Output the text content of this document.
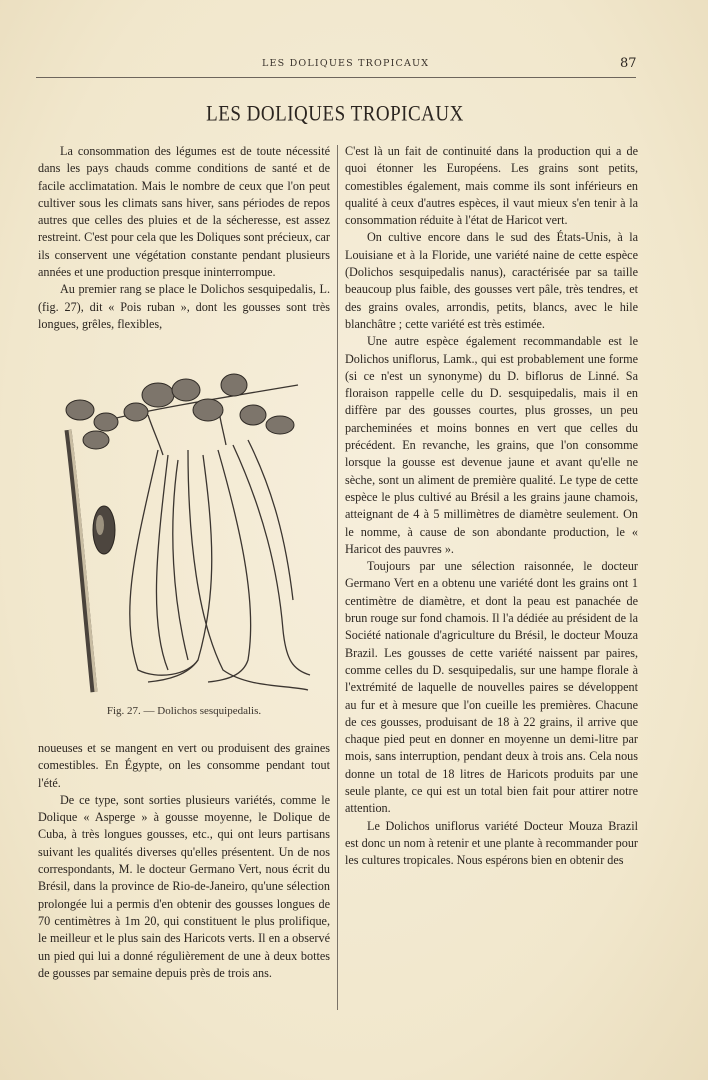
LES DOLIQUES TROPICAUX	87
LES DOLIQUES TROPICAUX

La consommation des légumes est de toute nécessité dans les pays chauds comme conditions de santé et de facile acclimatation. Mais le nombre de ceux que l'on peut cultiver sous les climats sans hiver, sans périodes de repos autres que celles des pluies et de la sécheresse, est assez restreint. C'est pour cela que les Doliques sont précieux, car ils conservent une végétation constante pendant plusieurs années et une production presque ininterrompue.

Au premier rang se place le Dolichos sesquipedalis, L. (fig. 27), dit « Pois ruban », dont les gousses sont très longues, grêles, flexibles,

Fig. 27. — Dolichos sesquipedalis.

noueuses et se mangent en vert ou produisent des graines comestibles. En Égypte, on les consomme pendant tout l'été.

De ce type, sont sorties plusieurs variétés, comme le Dolique « Asperge » à gousse moyenne, le Dolique de Cuba, à très longues gousses, etc., qui ont leurs partisans suivant les qualités diverses qu'elles présentent. Un de nos correspondants, M. le docteur Germano Vert, nous écrit du Brésil, dans la province de Rio-de-Janeiro, qu'une sélection prolongée lui a permis d'en obtenir des gousses longues de 70 centimètres à 1m 20, qui constituent le plus prolifique, le meilleur et le plus sain des Haricots verts. Il en a observé un pied qui lui a donné régulièrement de une à deux bottes de gousses par semaine depuis près de trois ans.

C'est là un fait de continuité dans la production qui a de quoi étonner les Européens. Les grains sont petits, comestibles également, mais comme ils sont inférieurs en qualité à ceux d'autres espèces, il vaut mieux s'en tenir à la consommation réduite à l'état de Haricot vert.

On cultive encore dans le sud des États-Unis, à la Louisiane et à la Floride, une variété naine de cette espèce (Dolichos sesquipedalis nanus), caractérisée par sa taille beaucoup plus faible, des gousses vert pâle, très tendres, et des grains ovales, arrondis, petits, blancs, avec le hile blanchâtre ; cette variété est très estimée.

Une autre espèce également recommandable est le Dolichos uniflorus, Lamk., qui est probablement une forme (si ce n'est un synonyme) du D. biflorus de Linné. Sa floraison rappelle celle du D. sesquipedalis, mais il en diffère par des gousses courtes, plus grosses, un peu parcheminées et moins bonnes en vert que celles du précédent. En revanche, les grains, que l'on consomme lorsque la gousse est devenue jaune et avant qu'elle ne sèche, sont un aliment de première qualité. Le type de cette espèce le plus cultivé au Brésil a les grains jaune chamois, atteignant de 4 à 5 millimètres de diamètre seulement. On le nomme, à cause de son abondante production, le « Haricot des pauvres ».

Toujours par une sélection raisonnée, le docteur Germano Vert en a obtenu une variété dont les grains ont 1 centimètre de diamètre, et dont la peau est panachée de brun rouge sur fond chamois. Il l'a dédiée au président de la Société nationale d'agriculture du Brésil, le docteur Mouza Brazil. Les gousses de cette variété naissent par paires, comme celles du D. sesquipedalis, sur une hampe florale à l'extrémité de laquelle de nouvelles paires se développent au fur et à mesure que l'on cueille les premières. Chacune de ces gousses, produisant de 18 à 22 grains, il arrive que chaque pied peut en donner en moyenne un demi-litre par mois, sans interruption, pendant deux à trois ans. Cela nous donne un total de 18 litres de Haricots produits par une seule plante, ce qui est un total bien fait pour attirer notre attention.

Le Dolichos uniflorus variété Docteur Mouza Brazil est donc un nom à retenir et une plante à recommander pour les cultures tropicales. Nous espérons bien en obtenir des
